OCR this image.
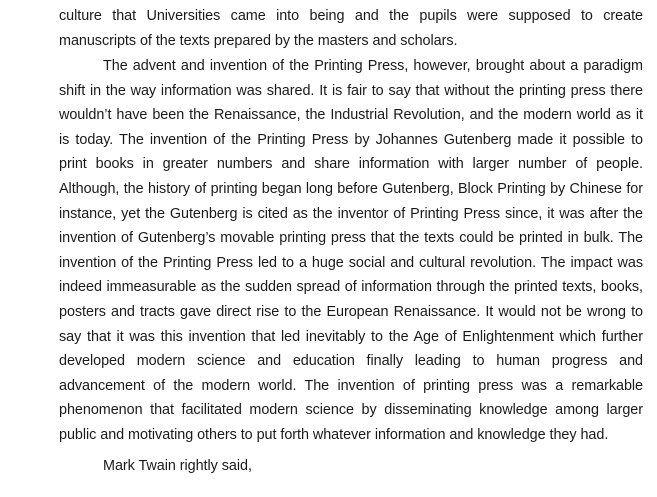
culture that Universities came into being and the pupils were supposed to create manuscripts of the texts prepared by the masters and scholars.

The advent and invention of the Printing Press, however, brought about a paradigm shift in the way information was shared. It is fair to say that without the printing press there wouldn’t have been the Renaissance, the Industrial Revolution, and the modern world as it is today. The invention of the Printing Press by Johannes Gutenberg made it possible to print books in greater numbers and share information with larger number of people. Although, the history of printing began long before Gutenberg, Block Printing by Chinese for instance, yet the Gutenberg is cited as the inventor of Printing Press since, it was after the invention of Gutenberg’s movable printing press that the texts could be printed in bulk. The invention of the Printing Press led to a huge social and cultural revolution. The impact was indeed immeasurable as the sudden spread of information through the printed texts, books, posters and tracts gave direct rise to the European Renaissance. It would not be wrong to say that it was this invention that led inevitably to the Age of Enlightenment which further developed modern science and education finally leading to human progress and advancement of the modern world. The invention of printing press was a remarkable phenomenon that facilitated modern science by disseminating knowledge among larger public and motivating others to put forth whatever information and knowledge they had.

Mark Twain rightly said,
